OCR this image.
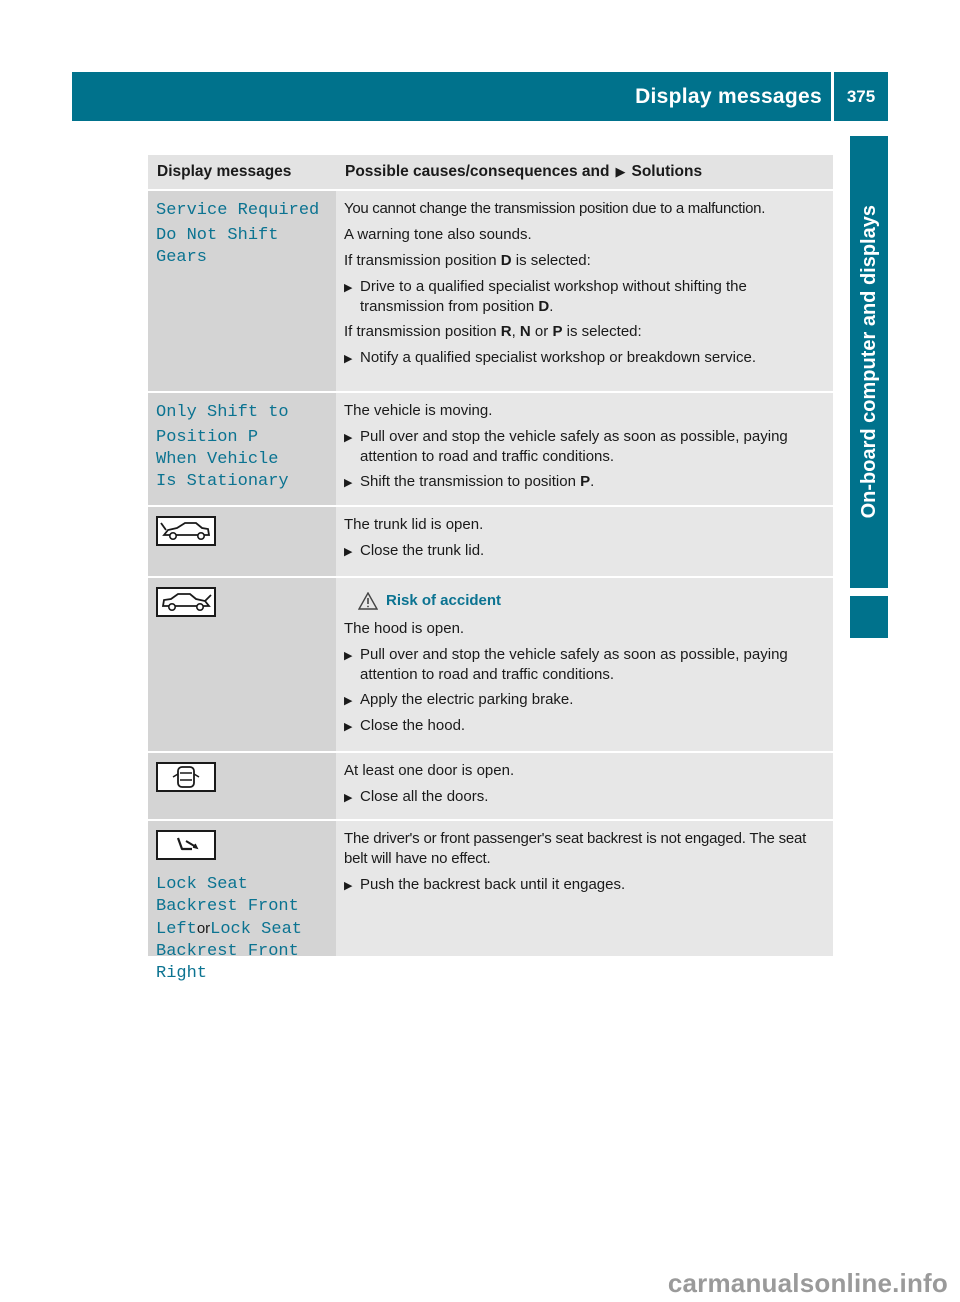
Display messages	375
On-board computer and displays
Display messages	Possible causes/consequences and ▶ Solutions

Service Required

Do Not Shift Gears

You cannot change the transmission position due to a malfunction.

A warning tone also sounds.

If transmission position D is selected:

▶ Drive to a qualified specialist workshop without shifting the transmission from position D.

If transmission position R, N or P is selected:

▶ Notify a qualified specialist workshop or breakdown service.

Only Shift to

Position P When Vehicle Is Stationary

The vehicle is moving.

▶ Pull over and stop the vehicle safely as soon as possible, paying attention to road and traffic conditions.
▶ Shift the transmission to position P.

The trunk lid is open.

▶ Close the trunk lid.
Risk of accident

The hood is open.

▶ Pull over and stop the vehicle safely as soon as possible, paying attention to road and traffic conditions.
▶ Apply the electric parking brake.
▶ Close the hood.

At least one door is open.

▶ Close all the doors.

Lock Seat Backrest Front LeftorLock Seat Backrest Front Right

The driver's or front passenger's seat backrest is not engaged. The seat belt will have no effect.

▶ Push the backrest back until it engages.
carmanualsonline.info
